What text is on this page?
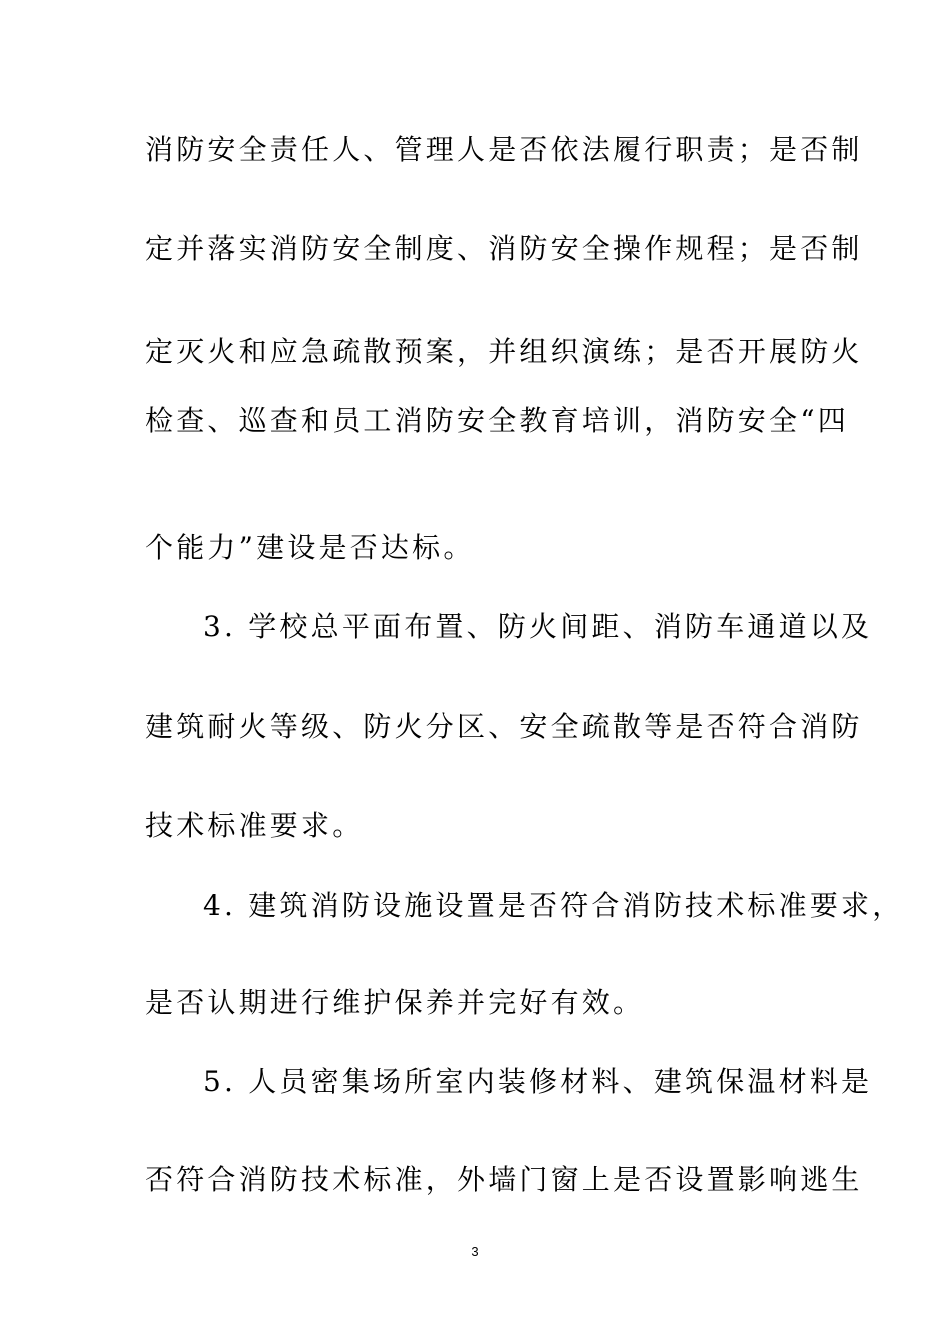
消防安全责任人、管理人是否依法履行职责；是否制
定并落实消防安全制度、消防安全操作规程；是否制
定灭火和应急疏散预案，并组织演练；是否开展防火
检查、巡查和员工消防安全教育培训，消防安全“四
个能力”建设是否达标。
3. 学校总平面布置、防火间距、消防车通道以及
建筑耐火等级、防火分区、安全疏散等是否符合消防
技术标准要求。
4. 建筑消防设施设置是否符合消防技术标准要求，
是否认期进行维护保养并完好有效。
5. 人员密集场所室内装修材料、建筑保温材料是
否符合消防技术标准，外墙门窗上是否设置影响逃生
3
